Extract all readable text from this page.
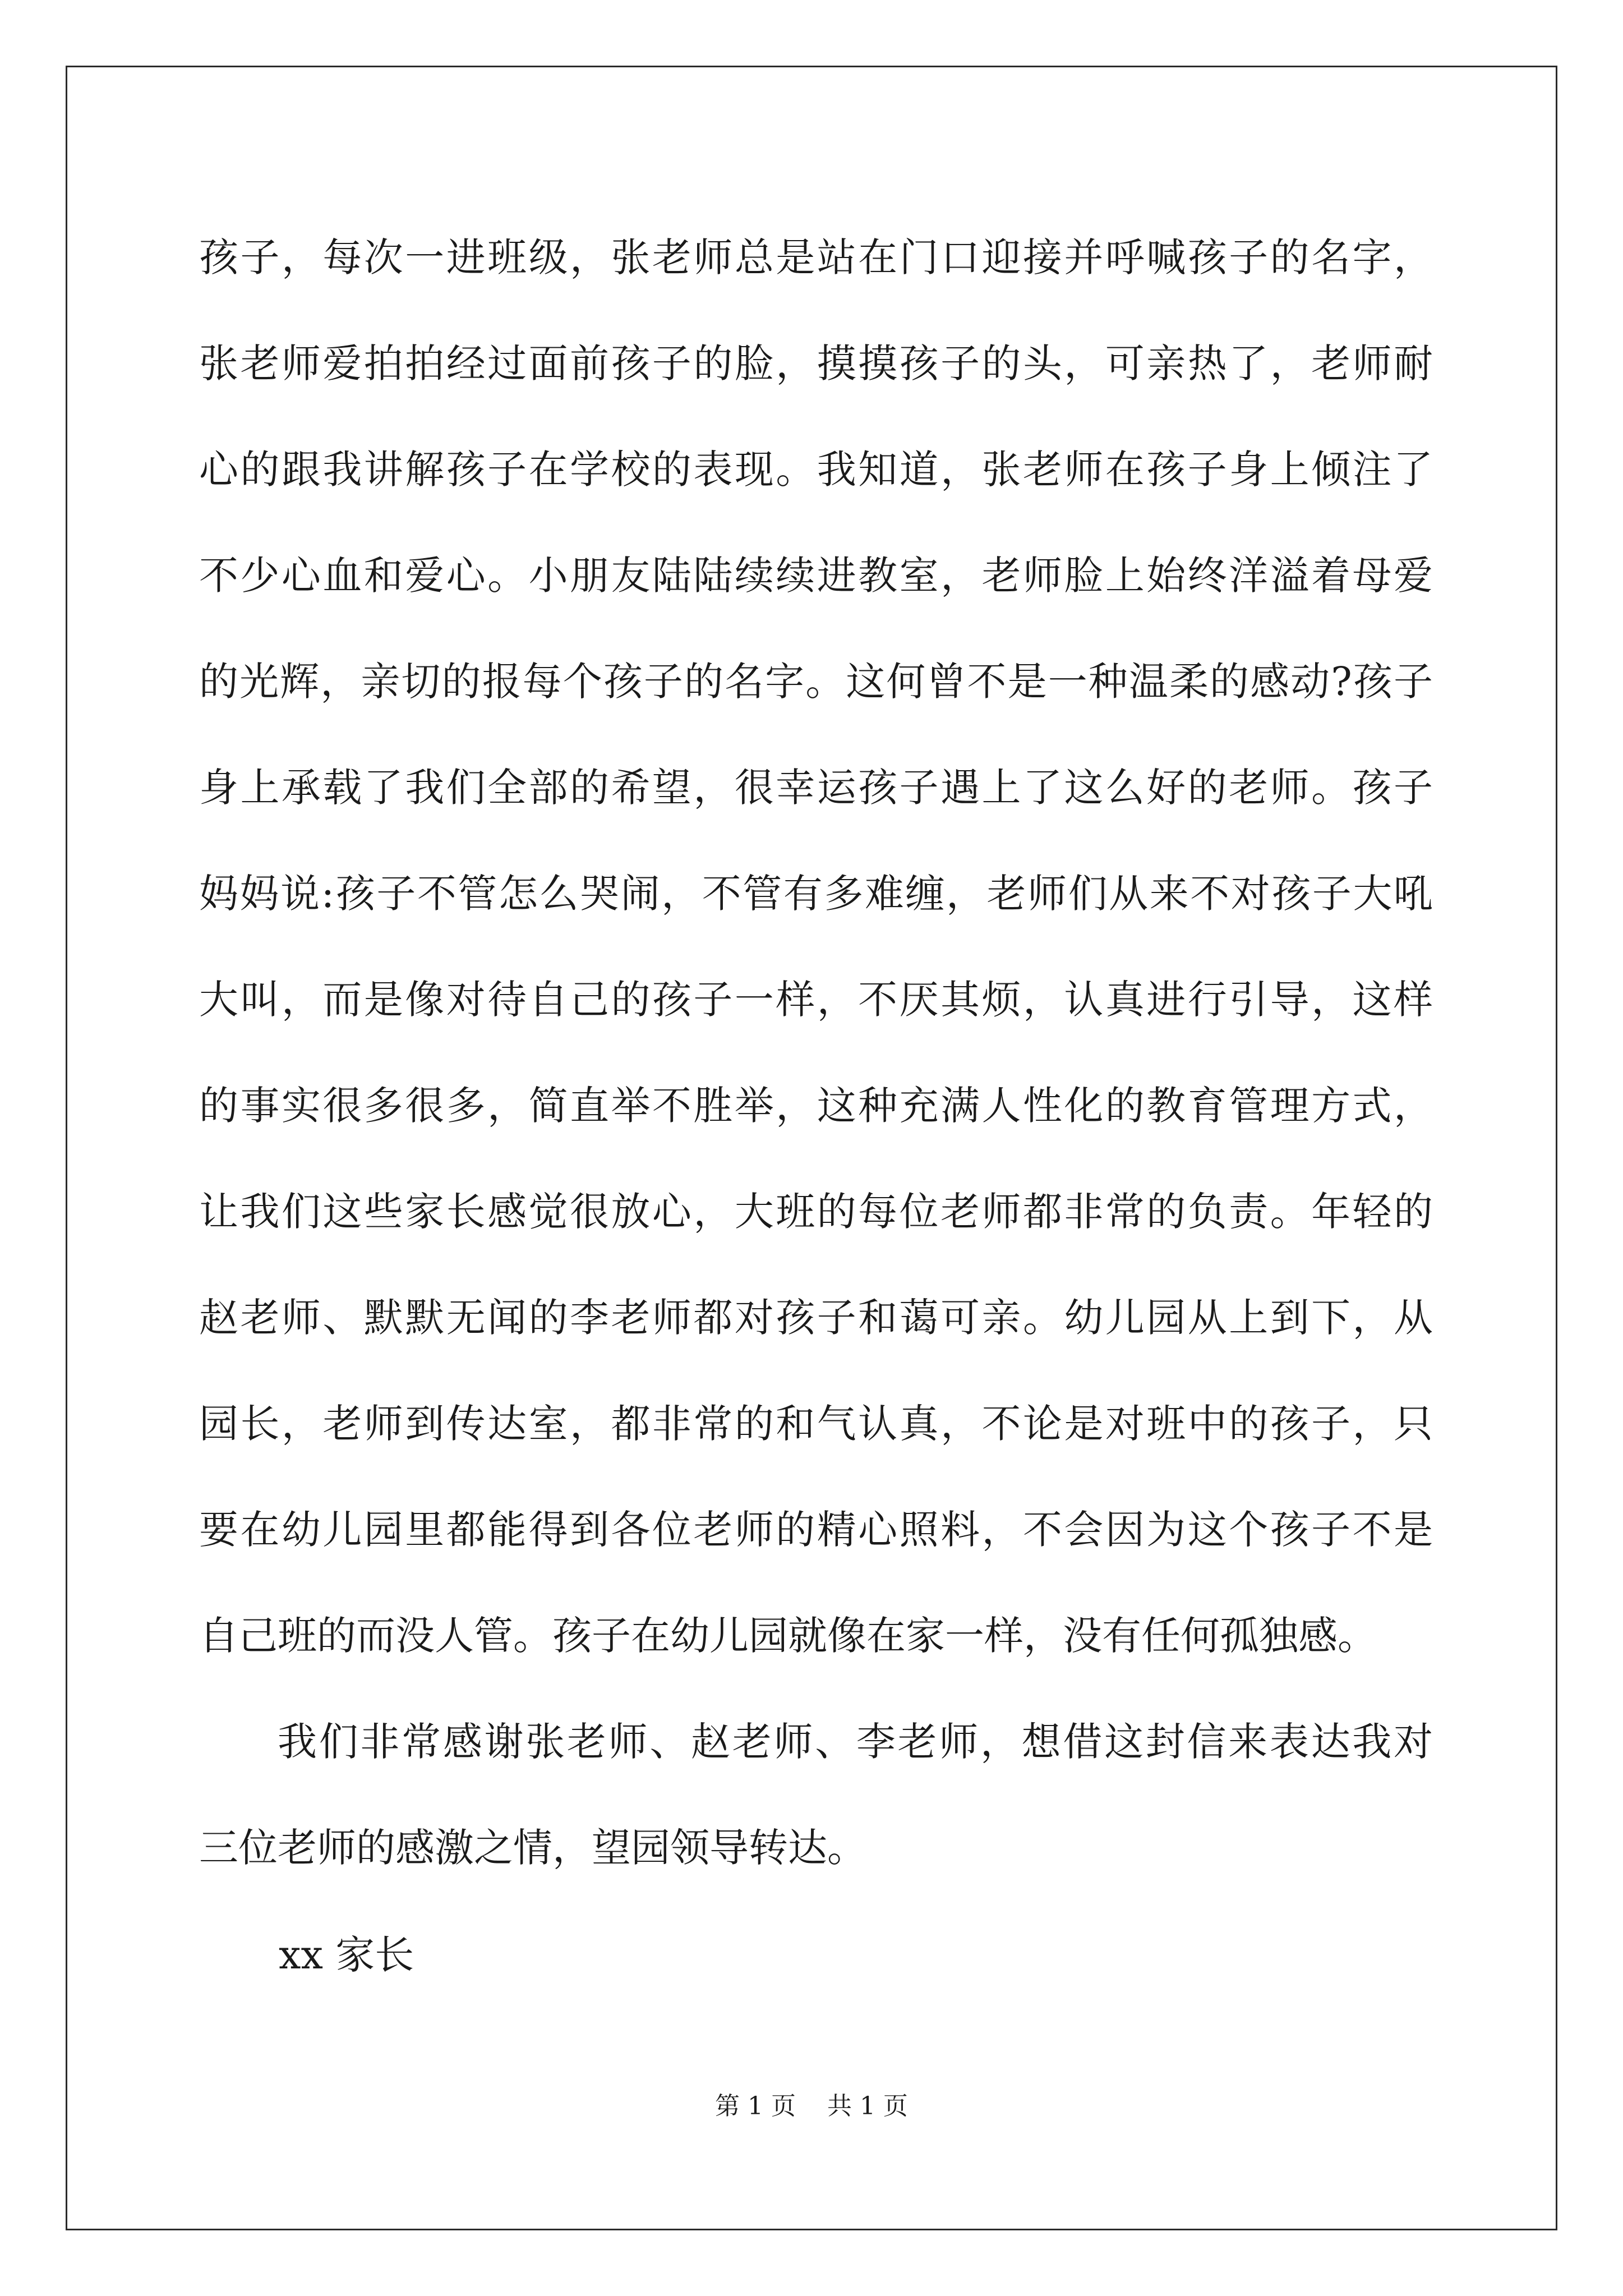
孩子，每次一进班级，张老师总是站在门口迎接并呼喊孩子的名字，
张老师爱拍拍经过面前孩子的脸，摸摸孩子的头，可亲热了，老师耐
心的跟我讲解孩子在学校的表现。我知道，张老师在孩子身上倾注了
不少心血和爱心。小朋友陆陆续续进教室，老师脸上始终洋溢着母爱
的光辉，亲切的报每个孩子的名字。这何曾不是一种温柔的感动?孩子
身上承载了我们全部的希望，很幸运孩子遇上了这么好的老师。孩子
妈妈说:孩子不管怎么哭闹，不管有多难缠，老师们从来不对孩子大吼
大叫，而是像对待自己的孩子一样，不厌其烦，认真进行引导，这样
的事实很多很多，简直举不胜举，这种充满人性化的教育管理方式，
让我们这些家长感觉很放心，大班的每位老师都非常的负责。年轻的
赵老师、默默无闻的李老师都对孩子和蔼可亲。幼儿园从上到下，从
园长，老师到传达室，都非常的和气认真，不论是对班中的孩子，只
要在幼儿园里都能得到各位老师的精心照料，不会因为这个孩子不是
自己班的而没人管。孩子在幼儿园就像在家一样，没有任何孤独感。
我们非常感谢张老师、赵老师、李老师，想借这封信来表达我对
三位老师的感激之情，望园领导转达。
xx 家长
第 1 页    共 1 页
